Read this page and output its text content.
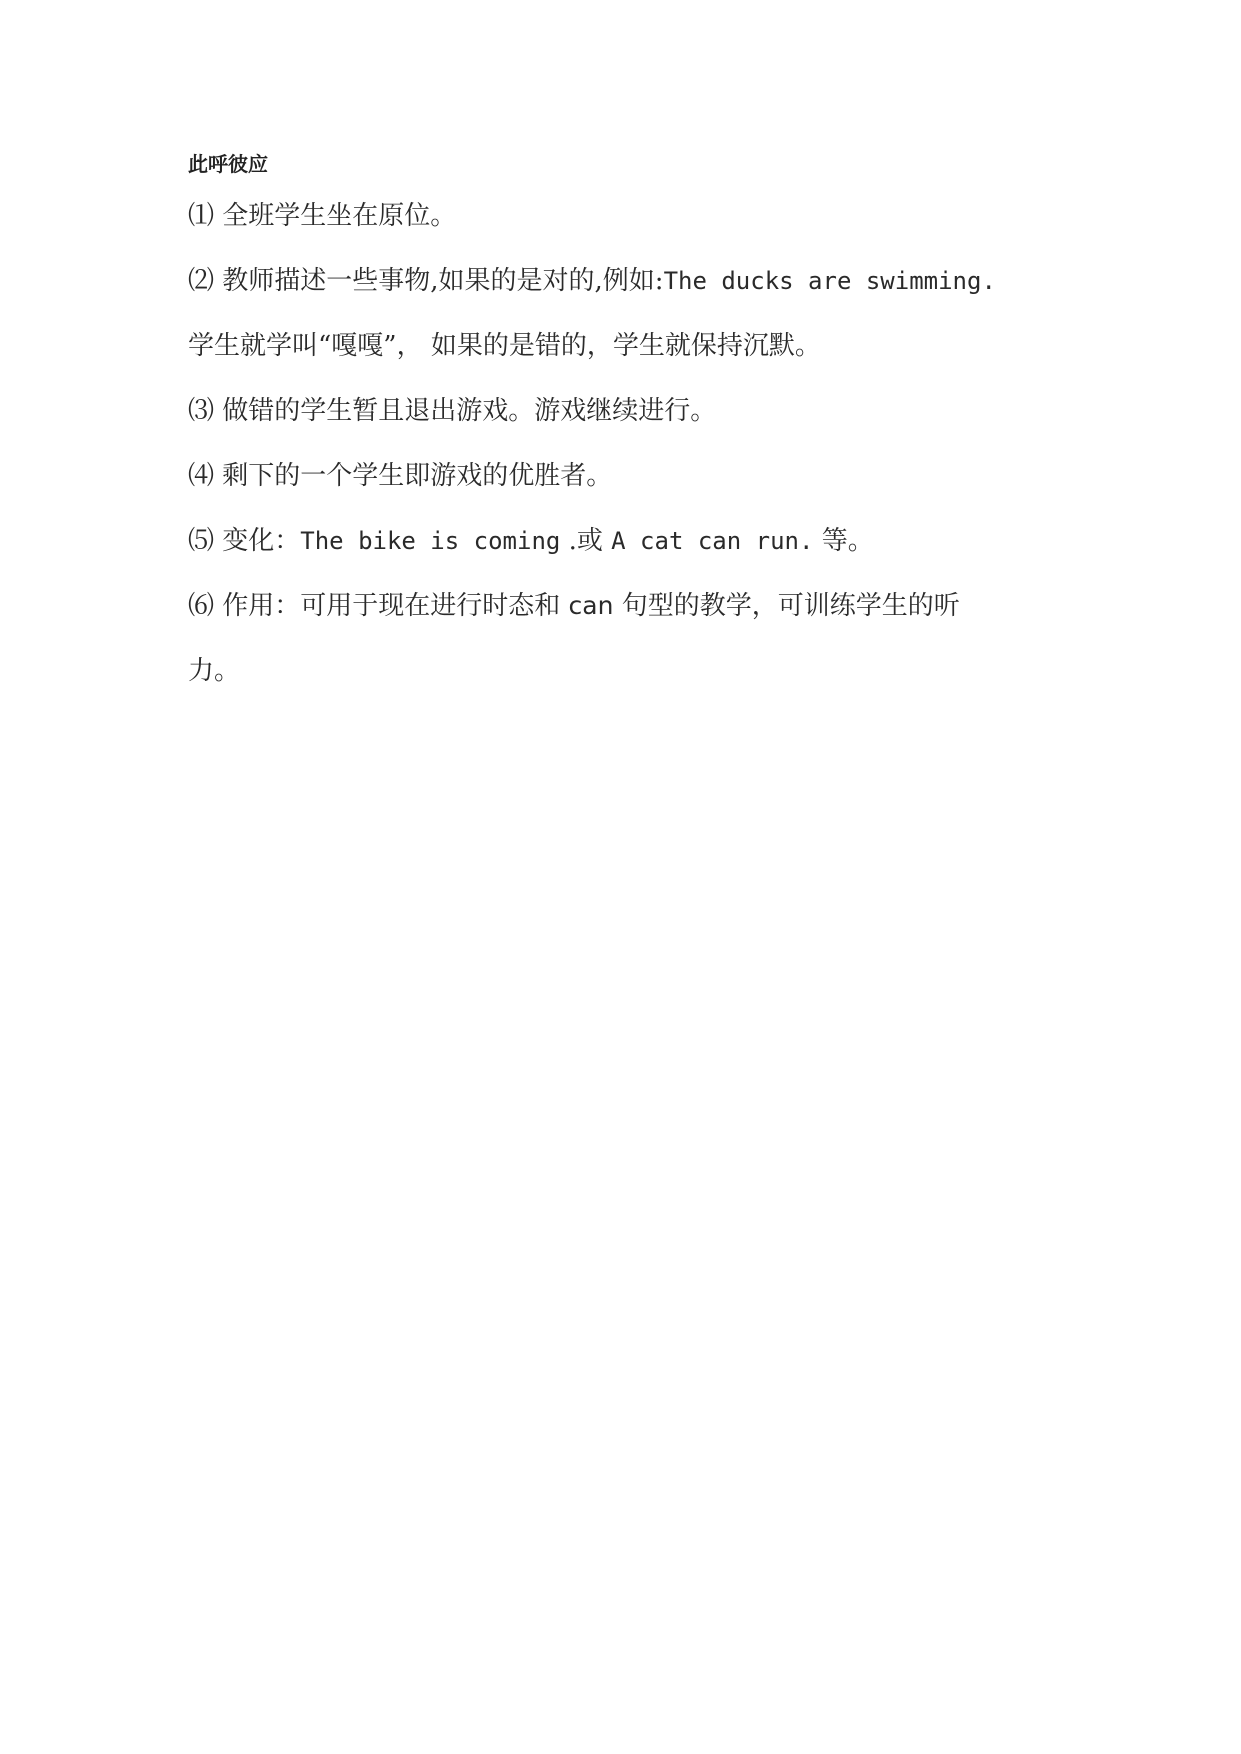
此呼彼应
⑴ 全班学生坐在原位。
⑵ 教师描述一些事物,如果的是对的,例如:The ducks are swimming.
学生就学叫“嘎嘎”， 如果的是错的，学生就保持沉默。
⑶ 做错的学生暂且退出游戏。游戏继续进行。
⑷ 剩下的一个学生即游戏的优胜者。
⑸ 变化：The bike is coming .或 A cat can run. 等。
⑹ 作用：可用于现在进行时态和 can 句型的教学，可训练学生的听
力。
